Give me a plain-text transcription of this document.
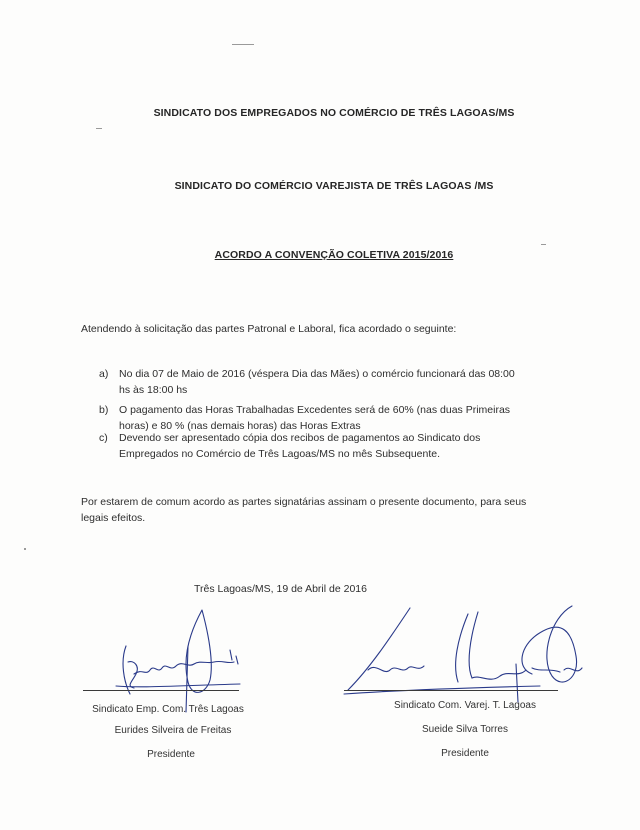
SINDICATO DOS EMPREGADOS NO COMÉRCIO DE TRÊS LAGOAS/MS
SINDICATO DO COMÉRCIO VAREJISTA DE TRÊS LAGOAS /MS
ACORDO A CONVENÇÃO COLETIVA 2015/2016
Atendendo à solicitação das partes Patronal e Laboral, fica acordado o seguinte:
a)	No dia 07 de Maio de 2016 (véspera Dia das Mães) o comércio funcionará das 08:00
hs às 18:00 hs
b)	O pagamento das Horas Trabalhadas Excedentes será de 60% (nas duas Primeiras
horas) e 80 % (nas demais horas) das Horas Extras
c)	Devendo ser apresentado cópia dos recibos de pagamentos ao Sindicato dos
Empregados no Comércio de Três Lagoas/MS no mês Subsequente.
Por estarem de comum acordo as partes signatárias assinam o presente documento, para seus
legais efeitos.
Três Lagoas/MS, 19 de Abril de 2016
Sindicato Emp. Com. Três Lagoas
Eurides Silveira de Freitas
Presidente
Sindicato Com. Varej. T. Lagoas
Sueide Silva Torres
Presidente
